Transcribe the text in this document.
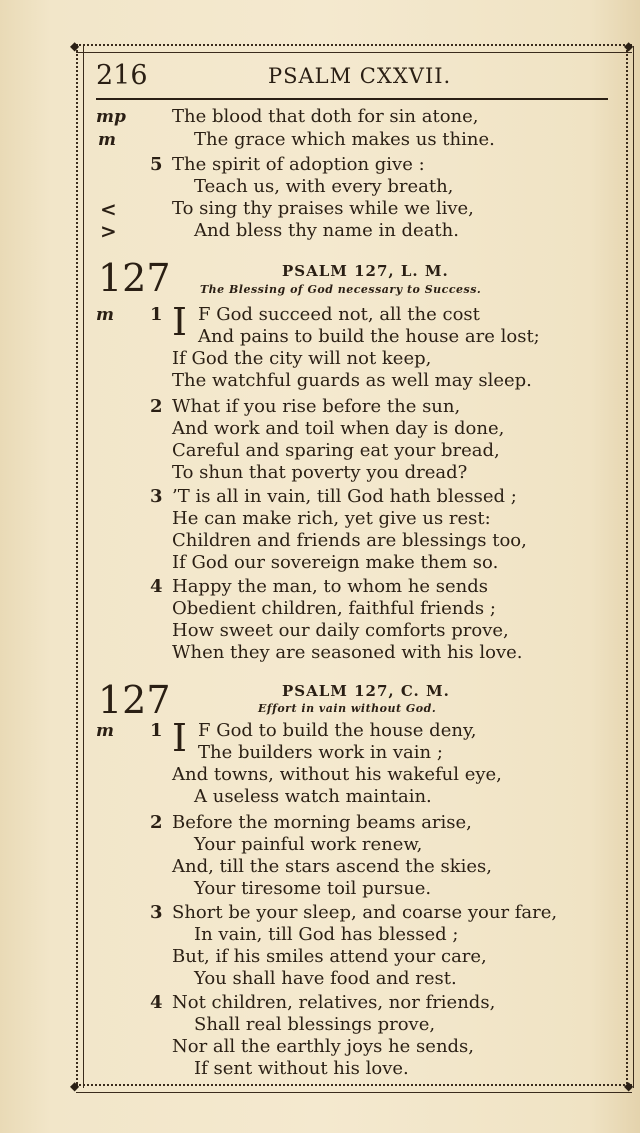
◆	◆
◆	◆
216	PSALM CXXVII.
mp	The blood that doth for sin atone,
m	The grace which makes us thine.
5 The spirit of adoption give :
Teach us, with every breath,
<	To sing thy praises while we live,
>	And bless thy name in death.
127	PSALM 127, L. M.
The Blessing of God necessary to Success.
m 1 I F God succeed not, all the cost
And pains to build the house are lost;
If God the city will not keep,
The watchful guards as well may sleep.
2 What if you rise before the sun,
And work and toil when day is done,
Careful and sparing eat your bread,
To shun that poverty you dread?
3 ’T is all in vain, till God hath blessed ;
He can make rich, yet give us rest:
Children and friends are blessings too,
If God our sovereign make them so.
4 Happy the man, to whom he sends
Obedient children, faithful friends ;
How sweet our daily comforts prove,
When they are seasoned with his love.
127	PSALM 127, C. M.
Effort in vain without God.
m 1 I F God to build the house deny,
The builders work in vain ;
And towns, without his wakeful eye,
A useless watch maintain.
2 Before the morning beams arise,
Your painful work renew,
And, till the stars ascend the skies,
Your tiresome toil pursue.
3 Short be your sleep, and coarse your fare,
In vain, till God has blessed ;
But, if his smiles attend your care,
You shall have food and rest.
4 Not children, relatives, nor friends,
Shall real blessings prove,
Nor all the earthly joys he sends,
If sent without his love.
